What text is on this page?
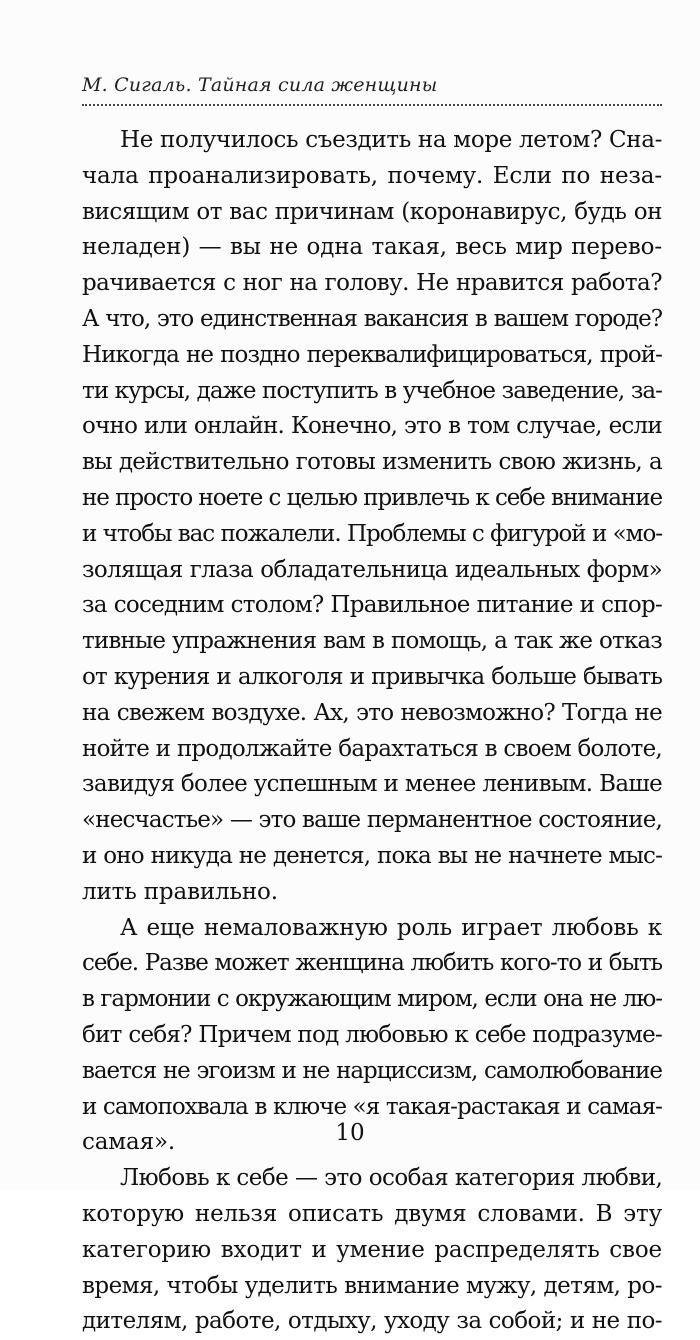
М. Сигаль. Тайная сила женщины
Не получилось съездить на море летом? Сна-
чала проанализировать, почему. Если по неза-
висящим от вас причинам (коронавирус, будь он
неладен) — вы не одна такая, весь мир перево-
рачивается с ног на голову. Не нравится работа?
А что, это единственная вакансия в вашем городе?
Никогда не поздно переквалифицироваться, прой-
ти курсы, даже поступить в учебное заведение, за-
очно или онлайн. Конечно, это в том случае, если
вы действительно готовы изменить свою жизнь, а
не просто ноете с целью привлечь к себе внимание
и чтобы вас пожалели. Проблемы с фигурой и «мо-
золящая глаза обладательница идеальных форм»
за соседним столом? Правильное питание и спор-
тивные упражнения вам в помощь, а так же отказ
от курения и алкоголя и привычка больше бывать
на свежем воздухе. Ах, это невозможно? Тогда не
нойте и продолжайте барахтаться в своем болоте,
завидуя более успешным и менее ленивым. Ваше
«несчастье» — это ваше перманентное состояние,
и оно никуда не денется, пока вы не начнете мыс-
лить правильно.
А еще немаловажную роль играет любовь к
себе. Разве может женщина любить кого-то и быть
в гармонии с окружающим миром, если она не лю-
бит себя? Причем под любовью к себе подразуме-
вается не эгоизм и не нарциссизм, самолюбование
и самопохвала в ключе «я такая-растакая и самая-
самая».
Любовь к себе — это особая категория любви,
которую нельзя описать двумя словами. В эту
категорию входит и умение распределять свое
время, чтобы уделить внимание мужу, детям, ро-
дителям, работе, отдыху, уходу за собой; и не по-
10
